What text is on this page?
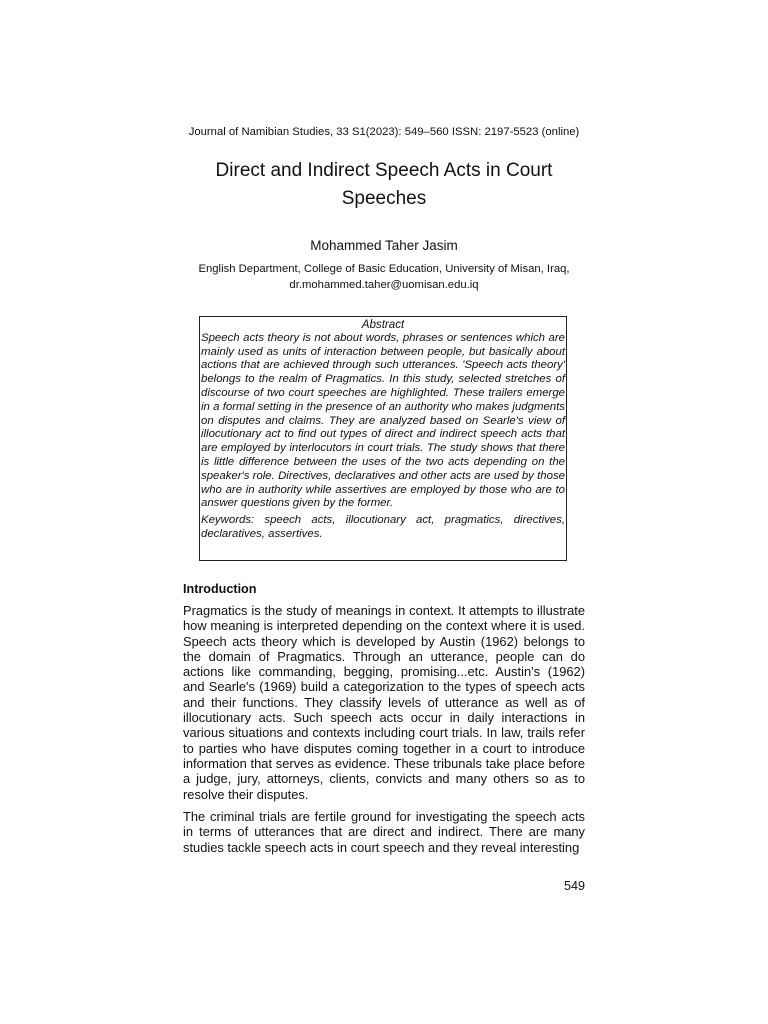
Journal of Namibian Studies, 33 S1(2023): 549–560 ISSN: 2197-5523 (online)
Direct and Indirect Speech Acts in Court Speeches
Mohammed Taher Jasim
English Department, College of Basic Education, University of Misan, Iraq,
dr.mohammed.taher@uomisan.edu.iq
Abstract

Speech acts theory is not about words, phrases or sentences which are mainly used as units of interaction between people, but basically about actions that are achieved through such utterances. 'Speech acts theory' belongs to the realm of Pragmatics. In this study, selected stretches of discourse of two court speeches are highlighted. These trailers emerge in a formal setting in the presence of an authority who makes judgments on disputes and claims. They are analyzed based on Searle's view of illocutionary act to find out types of direct and indirect speech acts that are employed by interlocutors in court trials. The study shows that there is little difference between the uses of the two acts depending on the speaker's role. Directives, declaratives and other acts are used by those who are in authority while assertives are employed by those who are to answer questions given by the former.

Keywords: speech acts, illocutionary act, pragmatics, directives, declaratives, assertives.

Introduction

Pragmatics is the study of meanings in context. It attempts to illustrate how meaning is interpreted depending on the context where it is used. Speech acts theory which is developed by Austin (1962) belongs to the domain of Pragmatics. Through an utterance, people can do actions like commanding, begging, promising...etc. Austin's (1962) and Searle's (1969) build a categorization to the types of speech acts and their functions. They classify levels of utterance as well as of illocutionary acts. Such speech acts occur in daily interactions in various situations and contexts including court trials. In law, trails refer to parties who have disputes coming together in a court to introduce information that serves as evidence. These tribunals take place before a judge, jury, attorneys, clients, convicts and many others so as to resolve their disputes.

The criminal trials are fertile ground for investigating the speech acts in terms of utterances that are direct and indirect. There are many studies tackle speech acts in court speech and they reveal interesting

549
